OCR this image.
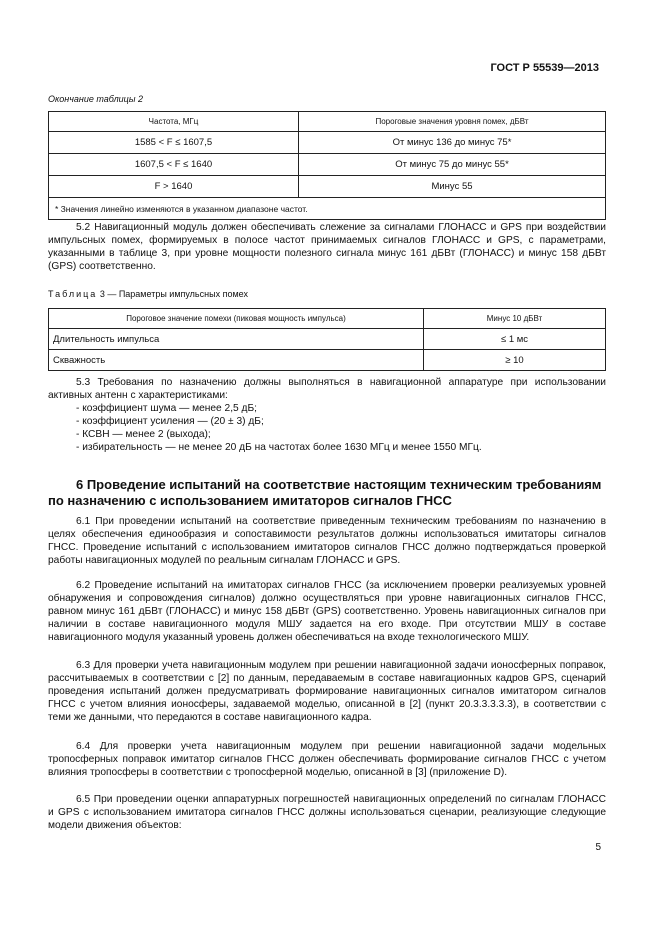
ГОСТ Р 55539—2013
Окончание таблицы 2
Частота, МГц	Пороговые значения уровня помех, дБВт
1585 < F ≤ 1607,5	От минус 136 до минус 75*
1607,5 < F ≤ 1640	От минус 75 до минус 55*
F > 1640	Минус 55
* Значения линейно изменяются в указанном диапазоне частот.	

5.2 Навигационный модуль должен обеспечивать слежение за сигналами ГЛОНАСС и GPS при воздействии импульсных помех, формируемых в полосе частот принимаемых сигналов ГЛОНАСС и GPS, с параметрами, указанными в таблице 3, при уровне мощности полезного сигнала минус 161 дБВт (ГЛОНАСС) и минус 158 дБВт (GPS) соответственно.

Таблица 3 — Параметры импульсных помех
Пороговое значение помехи (пиковая мощность импульса)	Минус 10 дБВт
Длительность импульса	≤ 1 мс
Скважность	≥ 10

5.3 Требования по назначению должны выполняться в навигационной аппаратуре при использовании активных антенн с характеристиками:

- коэффициент шума — менее 2,5 дБ;
- коэффициент усиления — (20 ± 3) дБ;
- КСВН — менее 2 (выхода);
- избирательность — не менее 20 дБ на частотах более 1630 МГц и менее 1550 МГц.

6 Проведение испытаний на соответствие настоящим техническим требованиям по назначению с использованием имитаторов сигналов ГНСС

6.1 При проведении испытаний на соответствие приведенным техническим требованиям по назначению в целях обеспечения единообразия и сопоставимости результатов должны использоваться имитаторы сигналов ГНСС. Проведение испытаний с использованием имитаторов сигналов ГНСС должно подтверждаться проверкой работы навигационных модулей по реальным сигналам ГЛОНАСС и GPS.

6.2 Проведение испытаний на имитаторах сигналов ГНСС (за исключением проверки реализуемых уровней обнаружения и сопровождения сигналов) должно осуществляться при уровне навигационных сигналов ГНСС, равном минус 161 дБВт (ГЛОНАСС) и минус 158 дБВт (GPS) соответственно. Уровень навигационных сигналов при наличии в составе навигационного модуля МШУ задается на его входе. При отсутствии МШУ в составе навигационного модуля указанный уровень должен обеспечиваться на входе технологического МШУ.

6.3 Для проверки учета навигационным модулем при решении навигационной задачи ионосферных поправок, рассчитываемых в соответствии с [2] по данным, передаваемым в составе навигационных кадров GPS, сценарий проведения испытаний должен предусматривать формирование навигационных сигналов имитатором сигналов ГНСС с учетом влияния ионосферы, задаваемой моделью, описанной в [2] (пункт 20.3.3.3.3.3), в соответствии с теми же данными, что передаются в составе навигационного кадра.

6.4 Для проверки учета навигационным модулем при решении навигационной задачи модельных тропосферных поправок имитатор сигналов ГНСС должен обеспечивать формирование сигналов ГНСС с учетом влияния тропосферы в соответствии с тропосферной моделью, описанной в [3] (приложение D).

6.5 При проведении оценки аппаратурных погрешностей навигационных определений по сигналам ГЛОНАСС и GPS с использованием имитатора сигналов ГНСС должны использоваться сценарии, реализующие следующие модели движения объектов:

5
